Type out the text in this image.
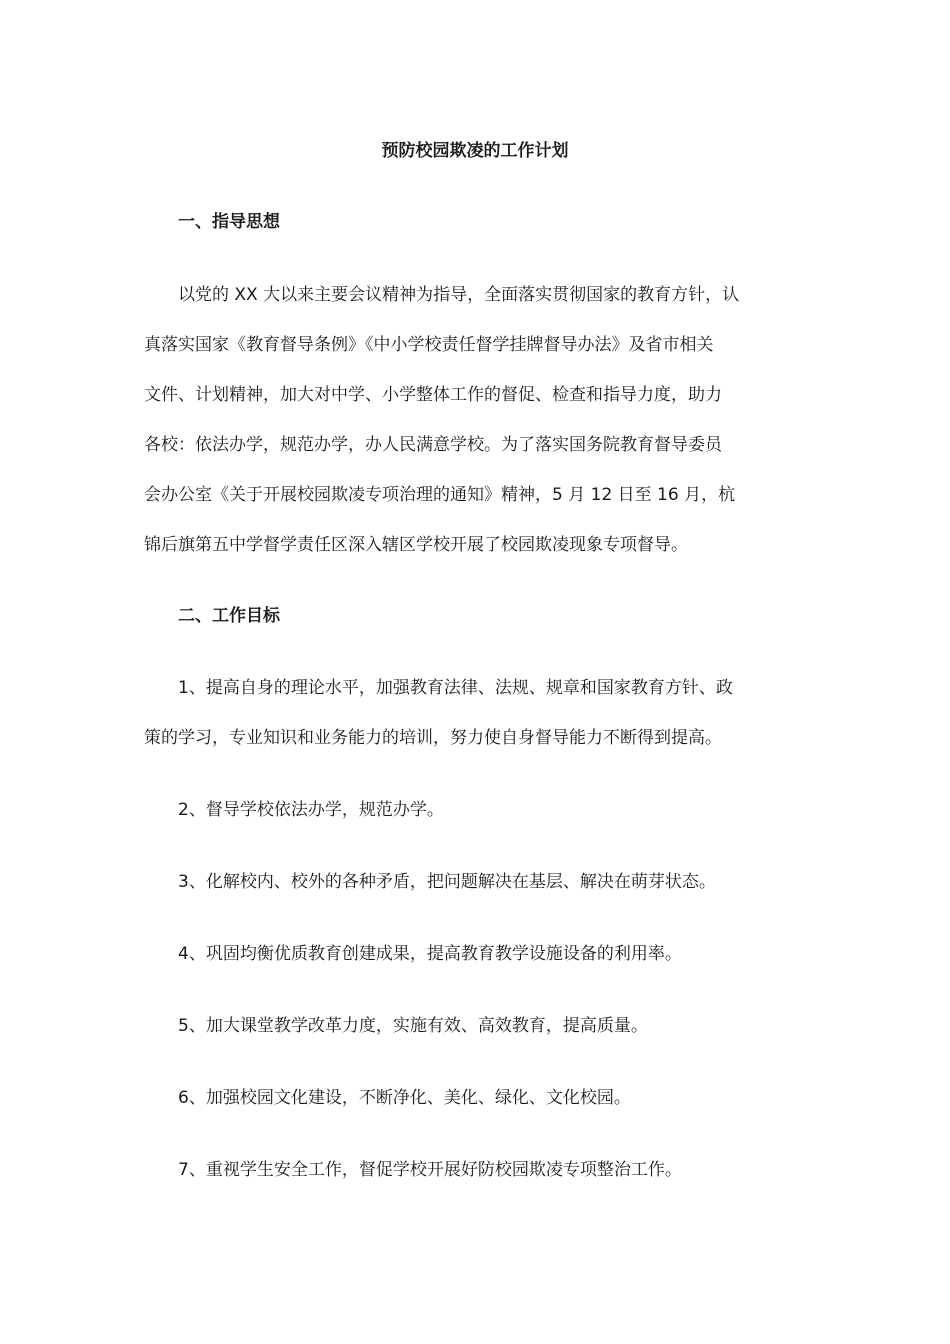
预防校园欺凌的工作计划
一、指导思想

以党的 XX 大以来主要会议精神为指导，全面落实贯彻国家的教育方针，认
真落实国家《教育督导条例》《中小学校责任督学挂牌督导办法》及省市相关
文件、计划精神，加大对中学、小学整体工作的督促、检查和指导力度，助力
各校：依法办学，规范办学，办人民满意学校。为了落实国务院教育督导委员
会办公室《关于开展校园欺凌专项治理的通知》精神，5 月 12 日至 16 月，杭
锦后旗第五中学督学责任区深入辖区学校开展了校园欺凌现象专项督导。

二、工作目标

1、提高自身的理论水平，加强教育法律、法规、规章和国家教育方针、政
策的学习，专业知识和业务能力的培训，努力使自身督导能力不断得到提高。

2、督导学校依法办学，规范办学。

3、化解校内、校外的各种矛盾，把问题解决在基层、解决在萌芽状态。

4、巩固均衡优质教育创建成果，提高教育教学设施设备的利用率。

5、加大课堂教学改革力度，实施有效、高效教育，提高质量。

6、加强校园文化建设，不断净化、美化、绿化、文化校园。

7、重视学生安全工作，督促学校开展好防校园欺凌专项整治工作。
